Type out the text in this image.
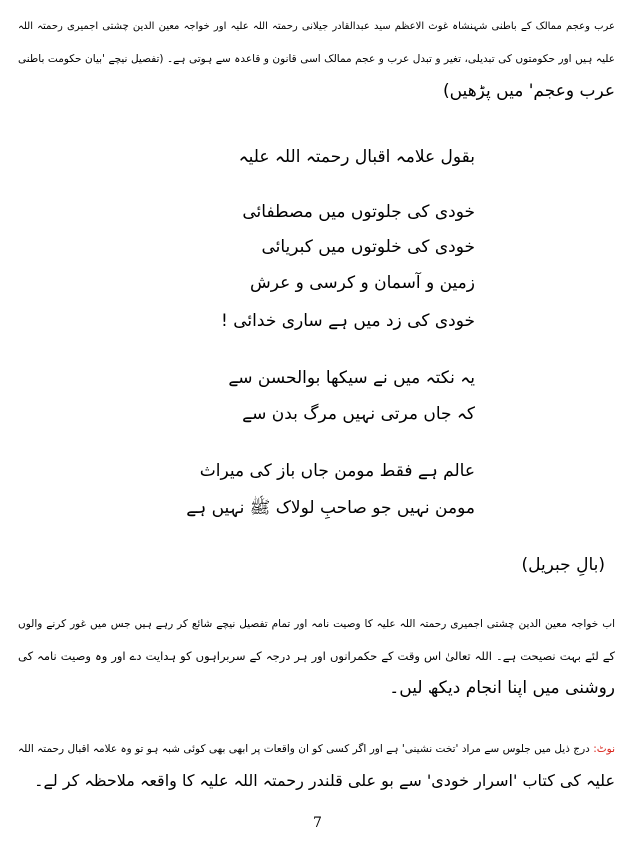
عرب وعجم ممالک کے باطنی شہنشاہ غوث الاعظم سید عبدالقادر جیلانی رحمتہ اللہ علیہ اور خواجہ معین الدین چشتی اجمیری رحمتہ اللہ
علیہ ہیں اور حکومتوں کی تبدیلی، تغیر و تبدل عرب و عجم ممالک اسی قانون و قاعدہ سے ہوتی ہے۔ (تفصیل نیچے 'بیان حکومت باطنی
عرب وعجم' میں پڑھیں)
بقول علامہ اقبال رحمتہ اللہ علیہ
خودی کی جلوتوں میں مصطفائی
خودی کی خلوتوں میں کبریائی
زمین و آسمان و کرسی و عرش
خودی کی زد میں ہے ساری خدائی !
یہ نکتہ میں نے سیکھا بوالحسن سے
کہ جاں مرتی نہیں مرگ بدن سے
عالم ہے فقط مومن جاں باز کی میراث
مومن نہیں جو صاحبِ لولاک ﷺ نہیں ہے
(بالِ جبریل)
اب خواجہ معین الدین چشتی اجمیری رحمتہ اللہ علیہ کا وصیت نامہ اور تمام تفصیل نیچے شائع کر رہے ہیں جس میں غور کرنے والوں
کے لئے بہت نصیحت ہے۔ اللہ تعالیٰ اس وقت کے حکمرانوں اور ہر درجہ کے سربراہوں کو ہدایت دے اور وہ وصیت نامہ کی
روشنی میں اپنا انجام دیکھ لیں۔
نوٹ: درج ذیل میں جلوس سے مراد 'تخت نشینی' ہے اور اگر کسی کو ان واقعات پر ابھی بھی کوئی شبہ ہو تو وہ علامہ اقبال رحمتہ اللہ
علیہ کی کتاب 'اسرار خودی' سے بو علی قلندر رحمتہ اللہ علیہ کا واقعہ ملاحظہ کر لے۔
7
